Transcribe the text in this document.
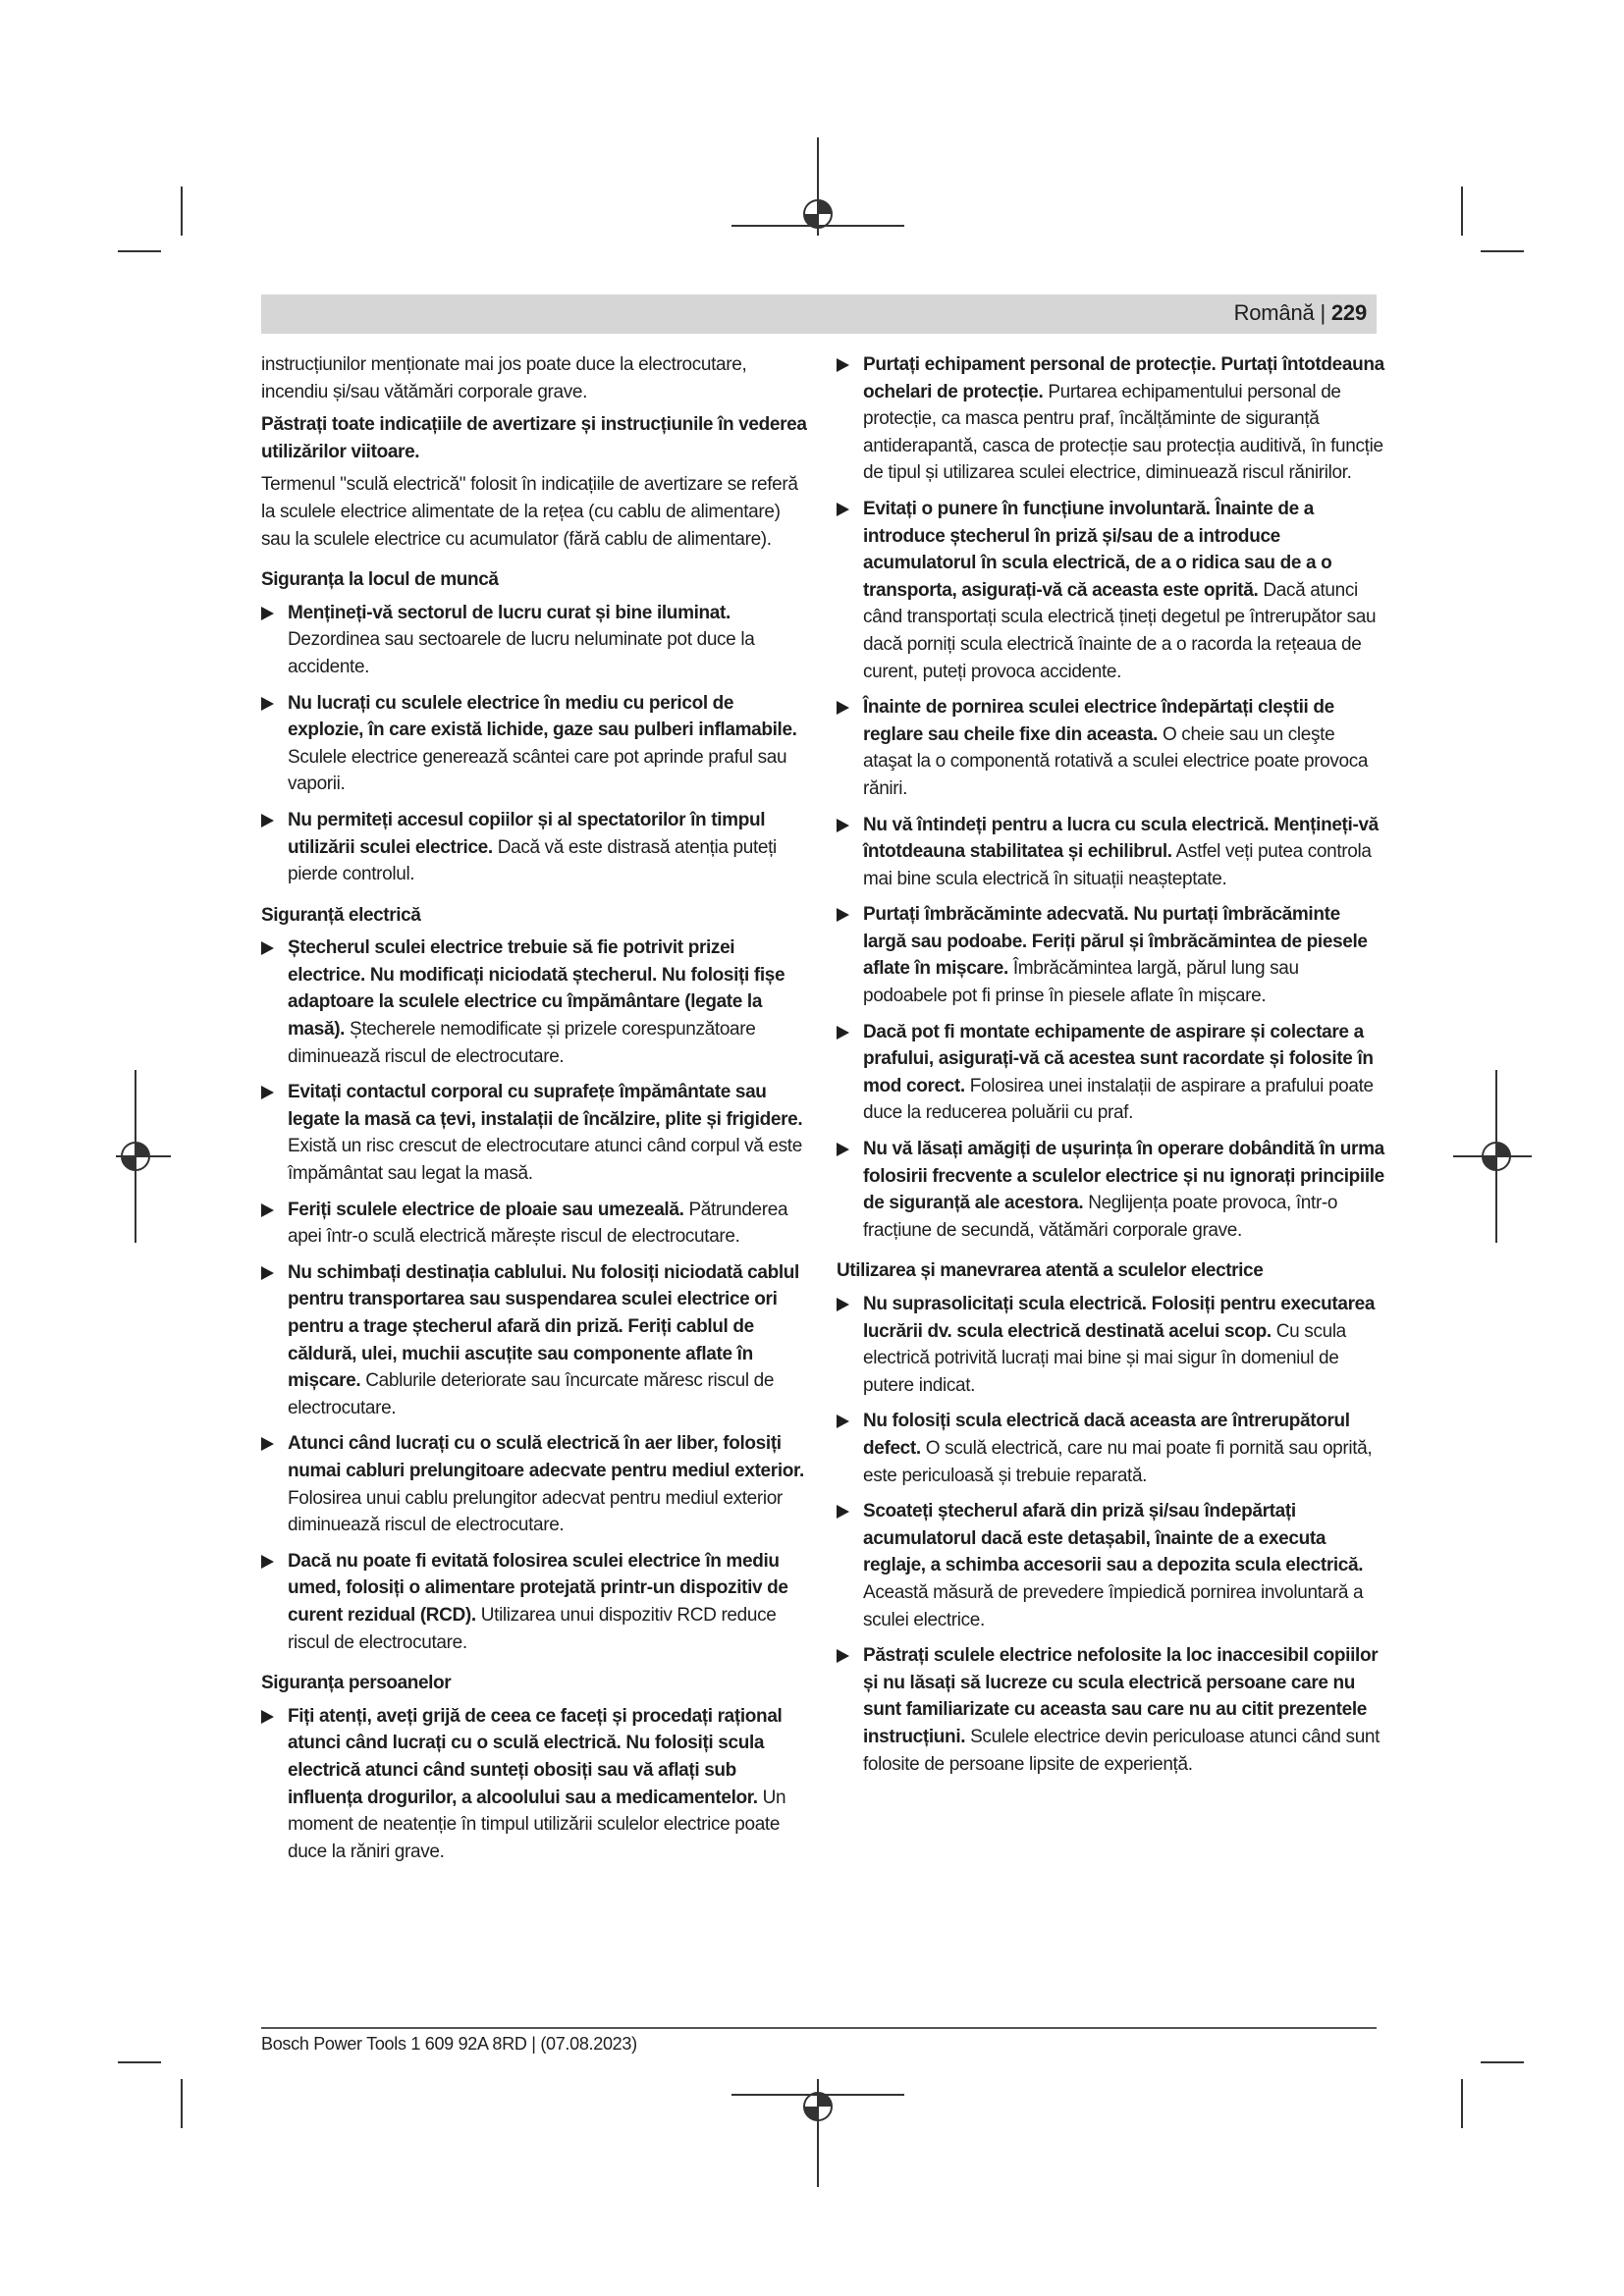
Română | 229

instrucțiunilor menționate mai jos poate duce la electrocutare, incendiu și/sau vătămări corporale grave.

Păstrați toate indicațiile de avertizare și instrucțiunile în vederea utilizărilor viitoare.

Termenul "sculă electrică" folosit în indicațiile de avertizare se referă la sculele electrice alimentate de la rețea (cu cablu de alimentare) sau la sculele electrice cu acumulator (fără cablu de alimentare).

Siguranța la locul de muncă
Mențineți-vă sectorul de lucru curat și bine iluminat. Dezordinea sau sectoarele de lucru neluminate pot duce la accidente.
Nu lucrați cu sculele electrice în mediu cu pericol de explozie, în care există lichide, gaze sau pulberi inflamabile. Sculele electrice generează scântei care pot aprinde praful sau vaporii.
Nu permiteți accesul copiilor și al spectatorilor în timpul utilizării sculei electrice. Dacă vă este distrasă atenția puteți pierde controlul.
Siguranță electrică
Ștecherul sculei electrice trebuie să fie potrivit prizei electrice. Nu modificați niciodată ștecherul. Nu folosiți fișe adaptoare la sculele electrice cu împământare (legate la masă). Ștecherele nemodificate și prizele corespunzătoare diminuează riscul de electrocutare.
Evitați contactul corporal cu suprafețe împământate sau legate la masă ca țevi, instalații de încălzire, plite și frigidere. Există un risc crescut de electrocutare atunci când corpul vă este împământat sau legat la masă.
Feriți sculele electrice de ploaie sau umezeală. Pătrunderea apei într-o sculă electrică mărește riscul de electrocutare.
Nu schimbați destinația cablului. Nu folosiți niciodată cablul pentru transportarea sau suspendarea sculei electrice ori pentru a trage ștecherul afară din priză. Feriți cablul de căldură, ulei, muchii ascuțite sau componente aflate în mișcare. Cablurile deteriorate sau încurcate măresc riscul de electrocutare.
Atunci când lucrați cu o sculă electrică în aer liber, folosiți numai cabluri prelungitoare adecvate pentru mediul exterior. Folosirea unui cablu prelungitor adecvat pentru mediul exterior diminuează riscul de electrocutare.
Dacă nu poate fi evitată folosirea sculei electrice în mediu umed, folosiți o alimentare protejată printr-un dispozitiv de curent rezidual (RCD). Utilizarea unui dispozitiv RCD reduce riscul de electrocutare.
Siguranța persoanelor
Fiți atenți, aveți grijă de ceea ce faceți și procedați rațional atunci când lucrați cu o sculă electrică. Nu folosiți scula electrică atunci când sunteți obosiți sau vă aflați sub influența drogurilor, a alcoolului sau a medicamentelor. Un moment de neatenție în timpul utilizării sculelor electrice poate duce la răniri grave.
Purtați echipament personal de protecție. Purtați întotdeauna ochelari de protecție. Purtarea echipamentului personal de protecție, ca masca pentru praf, încălțăminte de siguranță antiderapantă, casca de protecție sau protecția auditivă, în funcție de tipul și utilizarea sculei electrice, diminuează riscul rănirilor.
Evitați o punere în funcțiune involuntară. Înainte de a introduce ștecherul în priză și/sau de a introduce acumulatorul în scula electrică, de a o ridica sau de a o transporta, asigurați-vă că aceasta este oprită. Dacă atunci când transportați scula electrică țineți degetul pe întrerupător sau dacă porniți scula electrică înainte de a o racorda la rețeaua de curent, puteți provoca accidente.
Înainte de pornirea sculei electrice îndepărtați cleștii de reglare sau cheile fixe din aceasta. O cheie sau un cleşte ataşat la o componentă rotativă a sculei electrice poate provoca răniri.
Nu vă întindeți pentru a lucra cu scula electrică. Mențineți-vă întotdeauna stabilitatea și echilibrul. Astfel veți putea controla mai bine scula electrică în situații neașteptate.
Purtați îmbrăcăminte adecvată. Nu purtați îmbrăcăminte largă sau podoabe. Feriți părul și îmbrăcămintea de piesele aflate în mișcare. Îmbrăcămintea largă, părul lung sau podoabele pot fi prinse în piesele aflate în mișcare.
Dacă pot fi montate echipamente de aspirare și colectare a prafului, asigurați-vă că acestea sunt racordate și folosite în mod corect. Folosirea unei instalații de aspirare a prafului poate duce la reducerea poluării cu praf.
Nu vă lăsați amăgiți de ușurința în operare dobândită în urma folosirii frecvente a sculelor electrice și nu ignorați principiile de siguranță ale acestora. Neglijența poate provoca, într-o fracțiune de secundă, vătămări corporale grave.
Utilizarea și manevrarea atentă a sculelor electrice
Nu suprasolicitați scula electrică. Folosiți pentru executarea lucrării dv. scula electrică destinată acelui scop. Cu scula electrică potrivită lucrați mai bine și mai sigur în domeniul de putere indicat.
Nu folosiți scula electrică dacă aceasta are întrerupătorul defect. O sculă electrică, care nu mai poate fi pornită sau oprită, este periculoasă și trebuie reparată.
Scoateți ștecherul afară din priză și/sau îndepărtați acumulatorul dacă este detașabil, înainte de a executa reglaje, a schimba accesorii sau a depozita scula electrică. Această măsură de prevedere împiedică pornirea involuntară a sculei electrice.
Păstrați sculele electrice nefolosite la loc inaccesibil copiilor și nu lăsați să lucreze cu scula electrică persoane care nu sunt familiarizate cu aceasta sau care nu au citit prezentele instrucțiuni. Sculele electrice devin periculoase atunci când sunt folosite de persoane lipsite de experiență.
Bosch Power Tools 1 609 92A 8RD | (07.08.2023)
